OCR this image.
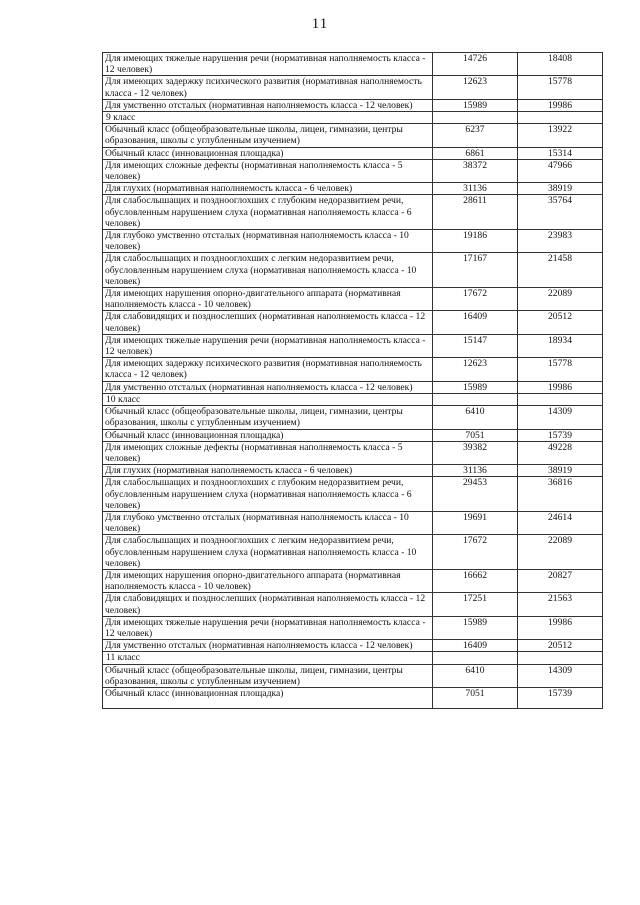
11
Для имеющих тяжелые нарушения речи (нормативная наполняемость класса - 12 человек)	14726	18408
Для имеющих задержку психического развития (нормативная наполняемость класса - 12 человек)	12623	15778
Для умственно отсталых (нормативная наполняемость класса - 12 человек)	15989	19986
9 класс		
Обычный класс (общеобразовательные школы, лицеи, гимназии, центры образования, школы с углубленным изучением)	6237	13922
Обычный класс (инновационная площадка)	6861	15314
Для имеющих сложные дефекты (нормативная наполняемость класса - 5 человек)	38372	47966
Для глухих (нормативная наполняемость класса - 6 человек)	31136	38919
Для слабослышащих и позднооглохших с глубоким недоразвитием речи, обусловленным нарушением слуха (нормативная наполняемость класса - 6 человек)	28611	35764
Для глубоко умственно отсталых (нормативная наполняемость класса - 10 человек)	19186	23983
Для слабослышащих и позднооглохших с легким недоразвитием речи, обусловленным нарушением слуха (нормативная наполняемость класса - 10 человек)	17167	21458
Для имеющих нарушения опорно-двигательного аппарата (нормативная наполняемость класса - 10 человек)	17672	22089
Для слабовидящих и позднослепших (нормативная наполняемость класса - 12 человек)	16409	20512
Для имеющих тяжелые нарушения речи (нормативная наполняемость класса - 12 человек)	15147	18934
Для имеющих задержку психического развития (нормативная наполняемость класса - 12 человек)	12623	15778
Для умственно отсталых (нормативная наполняемость класса - 12 человек)	15989	19986
10 класс		
Обычный класс (общеобразовательные школы, лицеи, гимназии, центры образования, школы с углубленным изучением)	6410	14309
Обычный класс (инновационная площадка)	7051	15739
Для имеющих сложные дефекты (нормативная наполняемость класса - 5 человек)	39382	49228
Для глухих (нормативная наполняемость класса - 6 человек)	31136	38919
Для слабослышащих и позднооглохших с глубоким недоразвитием речи, обусловленным нарушением слуха (нормативная наполняемость класса - 6 человек)	29453	36816
Для глубоко умственно отсталых (нормативная наполняемость класса - 10 человек)	19691	24614
Для слабослышащих и позднооглохших с легким недоразвитием речи, обусловленным нарушением слуха (нормативная наполняемость класса - 10 человек)	17672	22089
Для имеющих нарушения опорно-двигательного аппарата (нормативная наполняемость класса - 10 человек)	16662	20827
Для слабовидящих и позднослепших (нормативная наполняемость класса - 12 человек)	17251	21563
Для имеющих тяжелые нарушения речи (нормативная наполняемость класса - 12 человек)	15989	19986
Для умственно отсталых (нормативная наполняемость класса - 12 человек)	16409	20512
11 класс		
Обычный класс (общеобразовательные школы, лицеи, гимназии, центры образования, школы с углубленным изучением)	6410	14309
Обычный класс (инновационная площадка)	7051	15739
